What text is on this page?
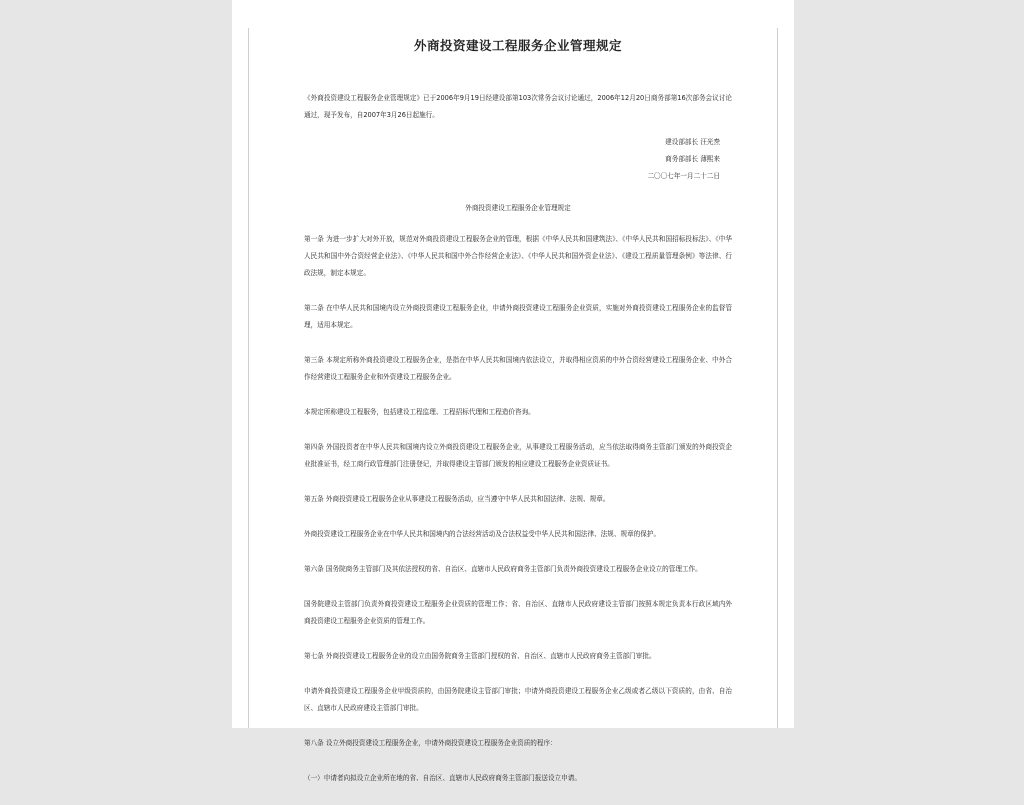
外商投资建设工程服务企业管理规定

《外商投资建设工程服务企业管理规定》已于2006年9月19日经建设部第103次常务会议讨论通过，2006年12月20日商务部第16次部务会议讨论通过，现予发布，自2007年3月26日起施行。

建设部部长 汪光焘
商务部部长 薄熙来
二〇〇七年一月二十二日
外商投资建设工程服务企业管理规定

第一条 为进一步扩大对外开放，规范对外商投资建设工程服务企业的管理，根据《中华人民共和国建筑法》、《中华人民共和国招标投标法》、《中华人民共和国中外合资经营企业法》、《中华人民共和国中外合作经营企业法》、《中华人民共和国外资企业法》、《建设工程质量管理条例》等法律、行政法规，制定本规定。

第二条 在中华人民共和国境内设立外商投资建设工程服务企业，申请外商投资建设工程服务企业资质，实施对外商投资建设工程服务企业的监督管理，适用本规定。

第三条 本规定所称外商投资建设工程服务企业，是指在中华人民共和国境内依法设立，并取得相应资质的中外合资经营建设工程服务企业、中外合作经营建设工程服务企业和外资建设工程服务企业。

本规定所称建设工程服务，包括建设工程监理、工程招标代理和工程造价咨询。

第四条 外国投资者在中华人民共和国境内设立外商投资建设工程服务企业，从事建设工程服务活动，应当依法取得商务主管部门颁发的外商投资企业批准证书，经工商行政管理部门注册登记，并取得建设主管部门颁发的相应建设工程服务企业资质证书。

第五条 外商投资建设工程服务企业从事建设工程服务活动，应当遵守中华人民共和国法律、法规、规章。

外商投资建设工程服务企业在中华人民共和国境内的合法经营活动及合法权益受中华人民共和国法律、法规、规章的保护。

第六条 国务院商务主管部门及其依法授权的省、自治区、直辖市人民政府商务主管部门负责外商投资建设工程服务企业设立的管理工作。

国务院建设主管部门负责外商投资建设工程服务企业资质的管理工作；省、自治区、直辖市人民政府建设主管部门按照本规定负责本行政区域内外商投资建设工程服务企业资质的管理工作。

第七条 外商投资建设工程服务企业的设立由国务院商务主管部门授权的省、自治区、直辖市人民政府商务主管部门审批。

申请外商投资建设工程服务企业甲级资质的，由国务院建设主管部门审批；申请外商投资建设工程服务企业乙级或者乙级以下资质的，由省、自治区、直辖市人民政府建设主管部门审批。

第八条 设立外商投资建设工程服务企业，申请外商投资建设工程服务企业资质的程序：

（一）申请者向拟设立企业所在地的省、自治区、直辖市人民政府商务主管部门报送设立申请。
